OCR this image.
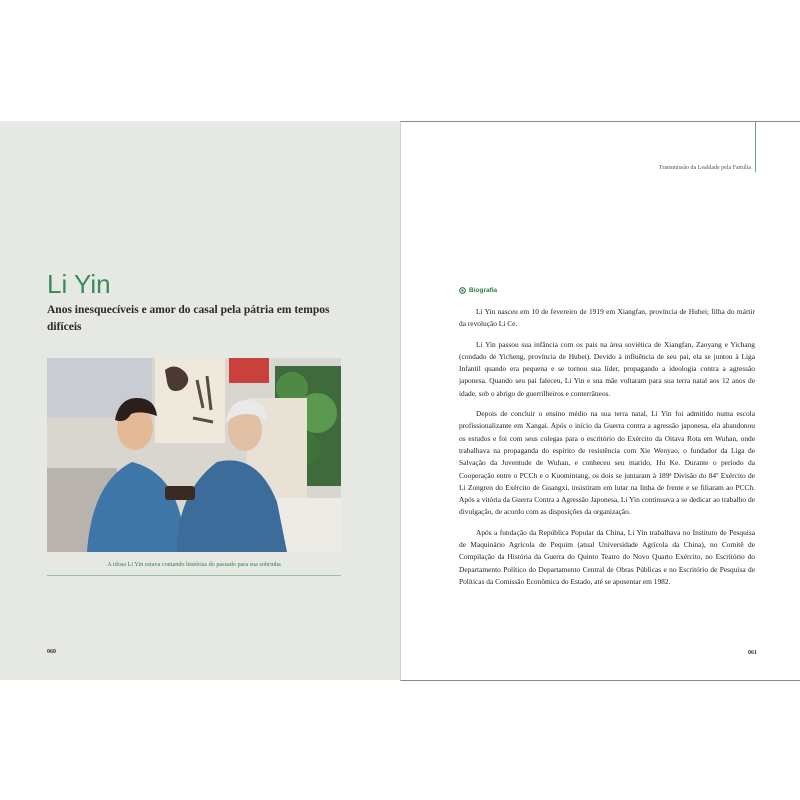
Li Yin
Anos inesquecíveis e amor do casal pela pátria em tempos difíceis
A idosa Li Yin estava contando histórias do passado para sua sobrinha
060
Transmissão da Lealdade pela Família
Biografia

Li Yin nasceu em 10 de fevereiro de 1919 em Xiangfan, província de Hubei; filha do mártir da revolução Li Ce.

Li Yin passou sua infância com os pais na área soviética de Xiangfan, Zaoyang e Yichang (condado de Yicheng, província de Hubei). Devido à influência de seu pai, ela se juntou à Liga Infantil quando era pequena e se tornou sua líder, propagando a ideologia contra a agressão japonesa. Quando seu pai faleceu, Li Yin e sua mãe voltaram para sua terra natal aos 12 anos de idade, sob o abrigo de guerrilheiros e conterrâneos.

Depois de concluir o ensino médio na sua terra natal, Li Yin foi admitido numa escola profissionalizante em Xangai. Após o início da Guerra contra a agressão japonesa, ela abandonou os estudos e foi com seus colegas para o escritório do Exército da Oitava Rota em Wuhan, onde trabalhava na propaganda do espírito de resistência com Xie Wenyao, o fundador da Liga de Salvação da Juventude de Wuhan, e conheceu seu marido, Hu Ke. Durante o período da Cooperação entre o PCCh e o Kuomintang, os dois se juntaram à 189ª Divisão do 84º Exército de Li Zongren do Exército de Guangxi, insistiram em lutar na linha de frente e se filiaram ao PCCh. Após a vitória da Guerra Contra a Agressão Japonesa, Li Yin continuava a se dedicar ao trabalho de divulgação, de acordo com as disposições da organização.

Após a fundação da República Popular da China, Li Yin trabalhava no Instituto de Pesquisa de Maquinário Agrícola de Pequim (atual Universidade Agrícola da China), no Comitê de Compilação da História da Guerra do Quinto Teatro do Novo Quarto Exército, no Escritório do Departamento Político do Departamento Central de Obras Públicas e no Escritório de Pesquisa de Políticas da Comissão Econômica do Estado, até se aposentar em 1982.

061
